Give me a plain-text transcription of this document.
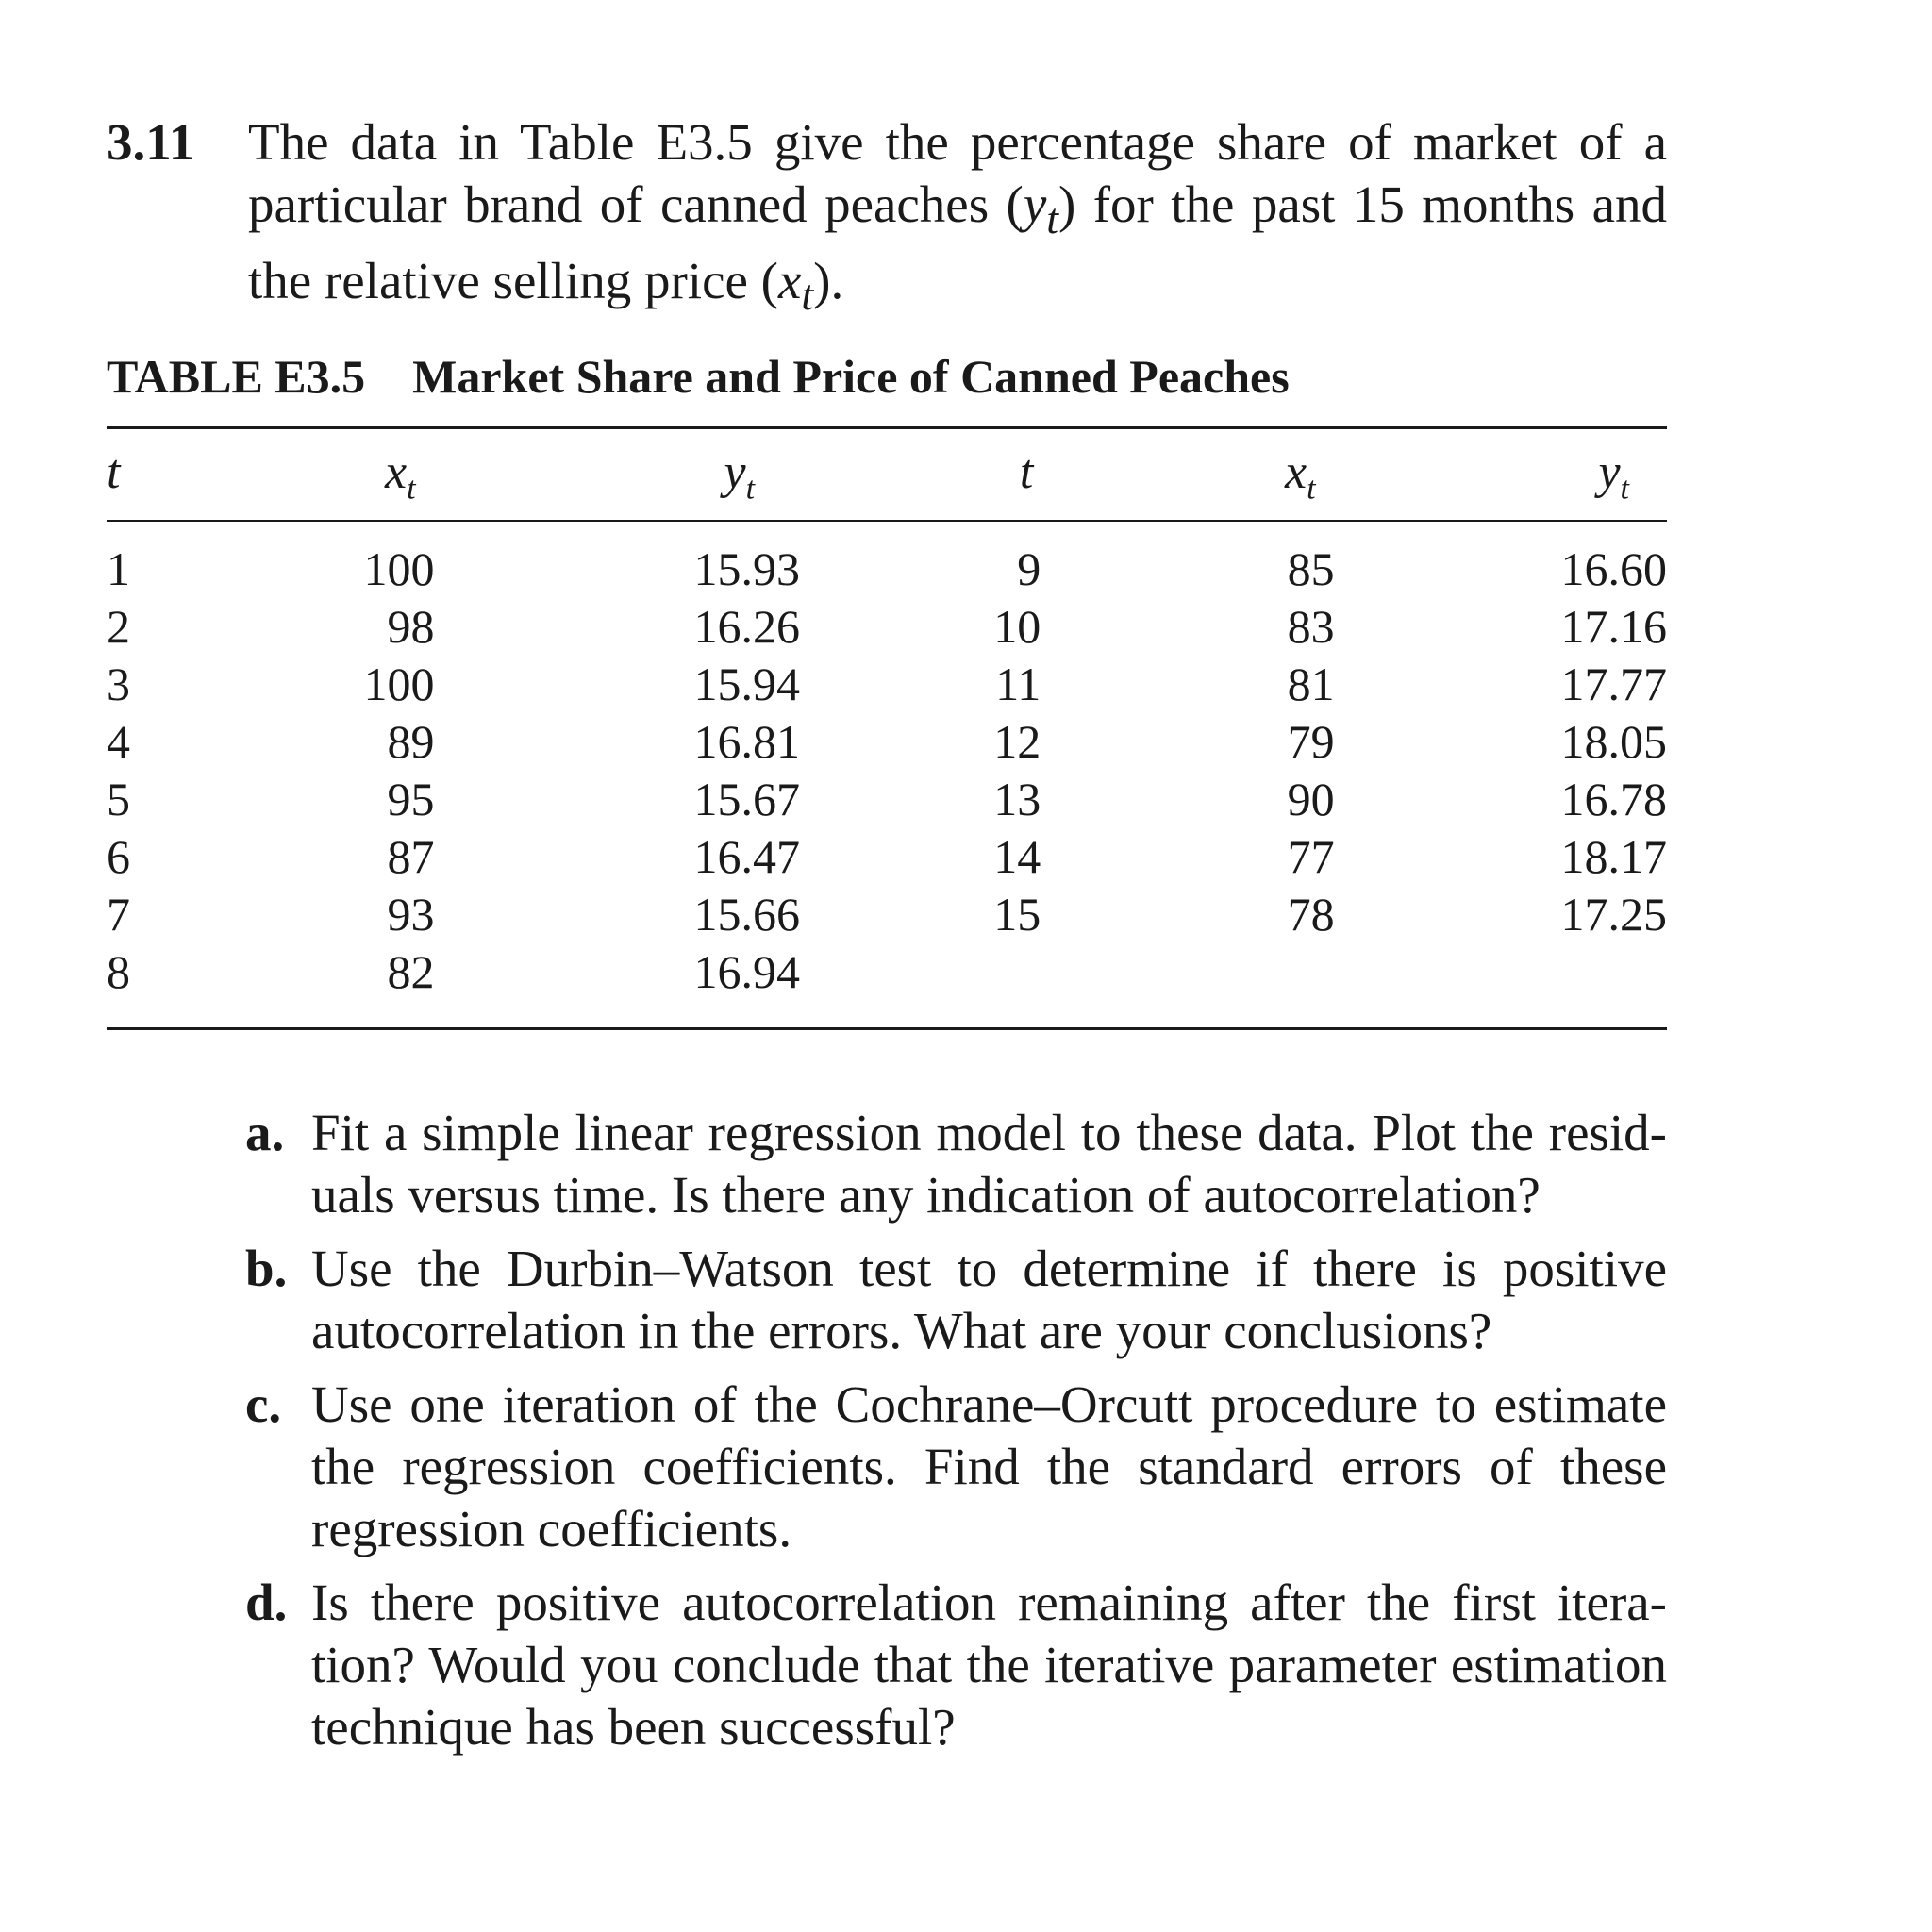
3.11 The data in Table E3.5 give the percentage share of market of a particular brand of canned peaches $(y_t)$ for the past 15 months and the relative selling price $(x_t)$.
TABLE E3.5 Market Share and Price of Canned Peaches
t	$x_t$	$y_t$	t	$x_t$	$y_t$
1	100	15.93	9	85	16.60
2	98	16.26	10	83	17.16
3	100	15.94	11	81	17.77
4	89	16.81	12	79	18.05
5	95	15.67	13	90	16.78
6	87	16.47	14	77	18.17
7	93	15.66	15	78	17.25
8	82	16.94			
a. Fit a simple linear regression model to these data. Plot the resid-uals versus time. Is there any indication of autocorrelation?
b. Use the Durbin–Watson test to determine if there is positive autocorrelation in the errors. What are your conclusions?
c. Use one iteration of the Cochrane–Orcutt procedure to estimate the regression coefficients. Find the standard errors of these regression coefficients.
d. Is there positive autocorrelation remaining after the first itera-tion? Would you conclude that the iterative parameter estimation technique has been successful?
